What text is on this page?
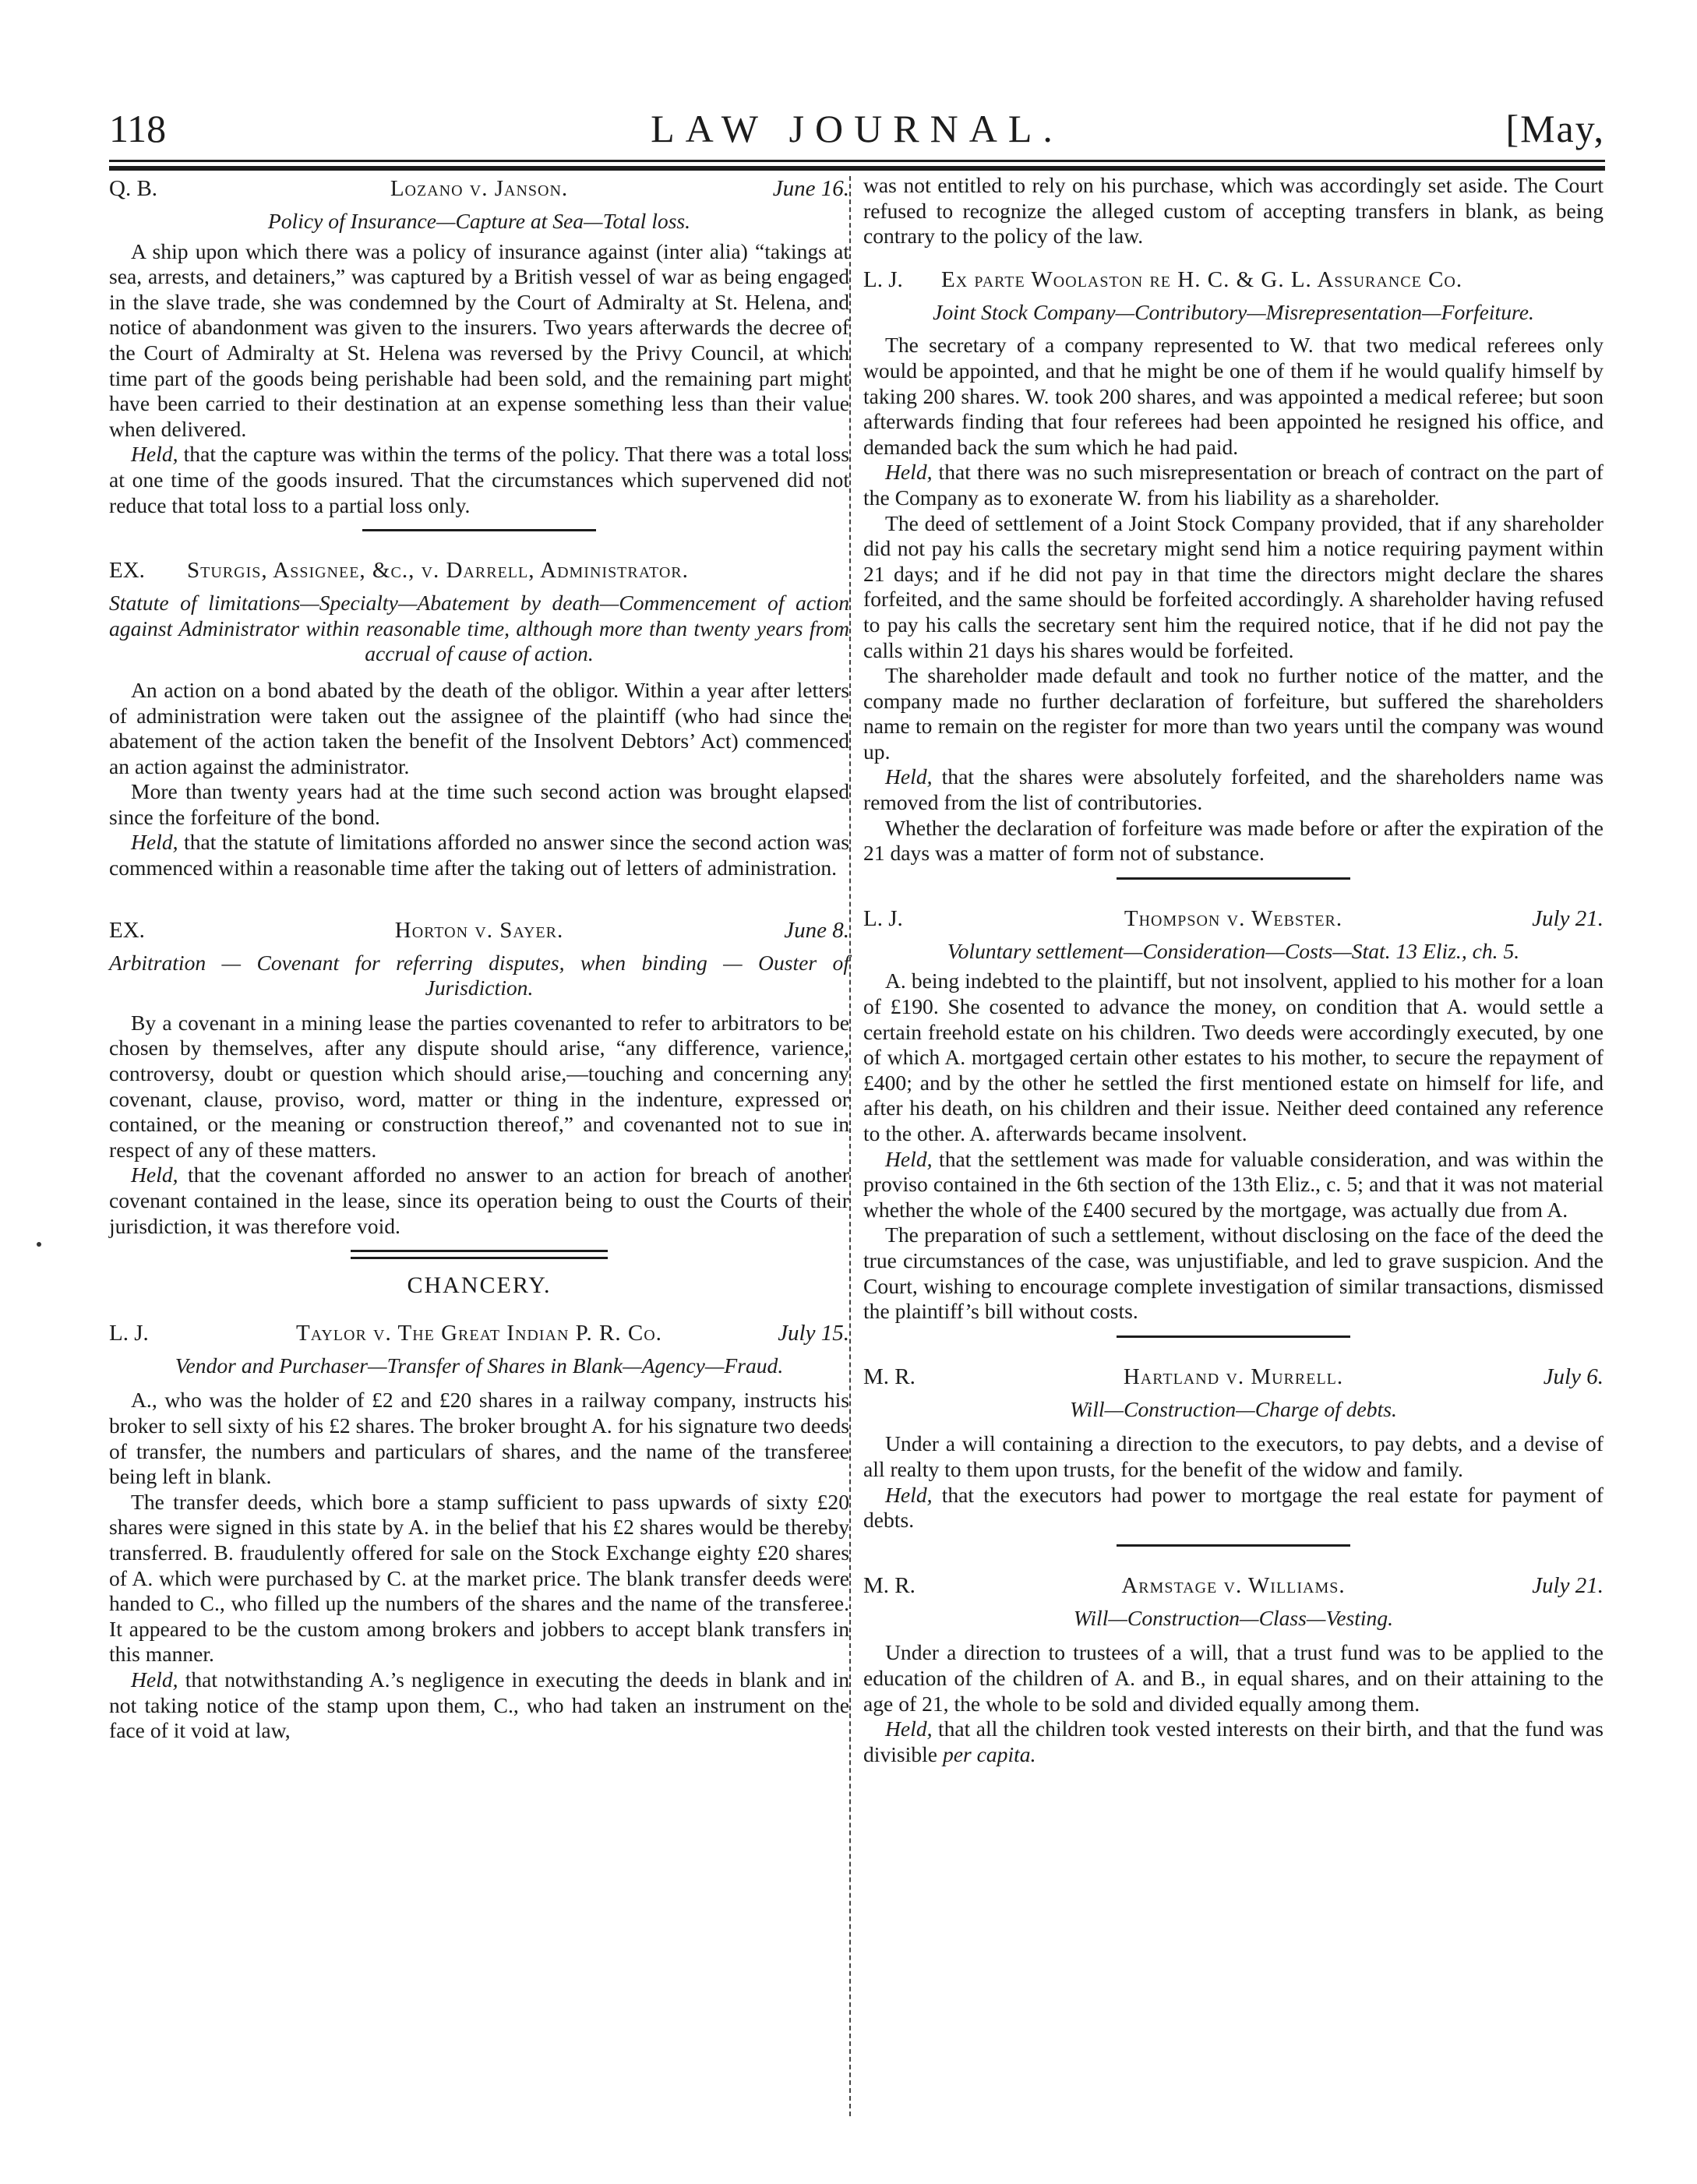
118	LAW JOURNAL.	[May,
Q. B.	Lozano v. Janson.	June 16.
Policy of Insurance—Capture at Sea—Total loss.

A ship upon which there was a policy of insurance against (inter alia) “takings at sea, arrests, and detainers,” was captured by a British vessel of war as being engaged in the slave trade, she was condemned by the Court of Admiralty at St. Helena, and notice of abandonment was given to the insurers. Two years afterwards the decree of the Court of Admiralty at St. Helena was reversed by the Privy Council, at which time part of the goods being perishable had been sold, and the remaining part might have been carried to their destination at an expense something less than their value when delivered.

Held, that the capture was within the terms of the policy. That there was a total loss at one time of the goods insured. That the circumstances which supervened did not reduce that total loss to a partial loss only.

EX. Sturgis, Assignee, &c., v. Darrell, Administrator.
Statute of limitations—Specialty—Abatement by death—Commencement of action against Administrator within reasonable time, although more than twenty years from accrual of cause of action.

An action on a bond abated by the death of the obligor. Within a year after letters of administration were taken out the assignee of the plaintiff (who had since the abatement of the action taken the benefit of the Insolvent Debtors’ Act) commenced an action against the administrator.

More than twenty years had at the time such second action was brought elapsed since the forfeiture of the bond.

Held, that the statute of limitations afforded no answer since the second action was commenced within a reasonable time after the taking out of letters of administration.

EX.	Horton v. Sayer.	June 8.
Arbitration — Covenant for referring disputes, when binding — Ouster of Jurisdiction.

By a covenant in a mining lease the parties covenanted to refer to arbitrators to be chosen by themselves, after any dispute should arise, “any difference, varience, controversy, doubt or question which should arise,—touching and concerning any covenant, clause, proviso, word, matter or thing in the indenture, expressed or contained, or the meaning or construction thereof,” and covenanted not to sue in respect of any of these matters.

Held, that the covenant afforded no answer to an action for breach of another covenant contained in the lease, since its operation being to oust the Courts of their jurisdiction, it was therefore void.

CHANCERY.
L. J.	Taylor v. The Great Indian P. R. Co.	July 15.
Vendor and Purchaser—Transfer of Shares in Blank—Agency—Fraud.

A., who was the holder of £2 and £20 shares in a railway company, instructs his broker to sell sixty of his £2 shares. The broker brought A. for his signature two deeds of transfer, the numbers and particulars of shares, and the name of the transferee being left in blank.

The transfer deeds, which bore a stamp sufficient to pass upwards of sixty £20 shares were signed in this state by A. in the belief that his £2 shares would be thereby transferred. B. fraudulently offered for sale on the Stock Exchange eighty £20 shares of A. which were purchased by C. at the market price. The blank transfer deeds were handed to C., who filled up the numbers of the shares and the name of the transferee. It appeared to be the custom among brokers and jobbers to accept blank transfers in this manner.

Held, that notwithstanding A.’s negligence in executing the deeds in blank and in not taking notice of the stamp upon them, C., who had taken an instrument on the face of it void at law,

was not entitled to rely on his purchase, which was accordingly set aside. The Court refused to recognize the alleged custom of accepting transfers in blank, as being contrary to the policy of the law.

L. J. Ex parte Woolaston re H. C. & G. L. Assurance Co.
Joint Stock Company—Contributory—Misrepresentation—Forfeiture.

The secretary of a company represented to W. that two medical referees only would be appointed, and that he might be one of them if he would qualify himself by taking 200 shares. W. took 200 shares, and was appointed a medical referee; but soon afterwards finding that four referees had been appointed he resigned his office, and demanded back the sum which he had paid.

Held, that there was no such misrepresentation or breach of contract on the part of the Company as to exonerate W. from his liability as a shareholder.

The deed of settlement of a Joint Stock Company provided, that if any shareholder did not pay his calls the secretary might send him a notice requiring payment within 21 days; and if he did not pay in that time the directors might declare the shares forfeited, and the same should be forfeited accordingly. A shareholder having refused to pay his calls the secretary sent him the required notice, that if he did not pay the calls within 21 days his shares would be forfeited.

The shareholder made default and took no further notice of the matter, and the company made no further declaration of forfeiture, but suffered the shareholders name to remain on the register for more than two years until the company was wound up.

Held, that the shares were absolutely forfeited, and the shareholders name was removed from the list of contributories.

Whether the declaration of forfeiture was made before or after the expiration of the 21 days was a matter of form not of substance.

L. J.	Thompson v. Webster.	July 21.
Voluntary settlement—Consideration—Costs—Stat. 13 Eliz., ch. 5.

A. being indebted to the plaintiff, but not insolvent, applied to his mother for a loan of £190. She cosented to advance the money, on condition that A. would settle a certain freehold estate on his children. Two deeds were accordingly executed, by one of which A. mortgaged certain other estates to his mother, to secure the repayment of £400; and by the other he settled the first mentioned estate on himself for life, and after his death, on his children and their issue. Neither deed contained any reference to the other. A. afterwards became insolvent.

Held, that the settlement was made for valuable consideration, and was within the proviso contained in the 6th section of the 13th Eliz., c. 5; and that it was not material whether the whole of the £400 secured by the mortgage, was actually due from A.

The preparation of such a settlement, without disclosing on the face of the deed the true circumstances of the case, was unjustifiable, and led to grave suspicion. And the Court, wishing to encourage complete investigation of similar transactions, dismissed the plaintiff’s bill without costs.

M. R.	Hartland v. Murrell.	July 6.
Will—Construction—Charge of debts.

Under a will containing a direction to the executors, to pay debts, and a devise of all realty to them upon trusts, for the benefit of the widow and family.

Held, that the executors had power to mortgage the real estate for payment of debts.

M. R.	Armstage v. Williams.	July 21.
Will—Construction—Class—Vesting.

Under a direction to trustees of a will, that a trust fund was to be applied to the education of the children of A. and B., in equal shares, and on their attaining to the age of 21, the whole to be sold and divided equally among them.

Held, that all the children took vested interests on their birth, and that the fund was divisible per capita.
